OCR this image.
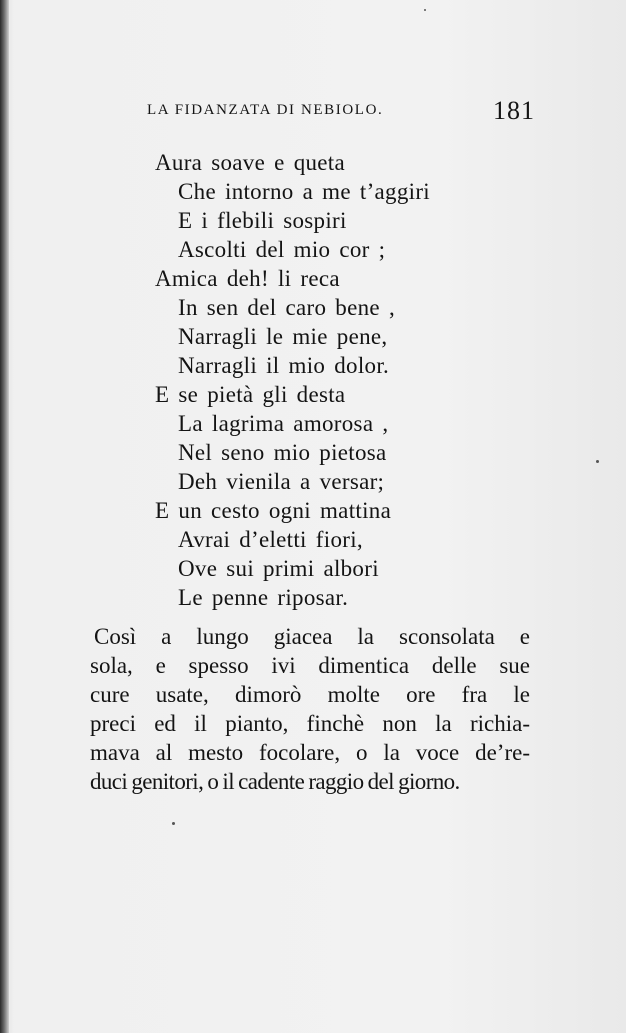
LA FIDANZATA DI NEBIOLO.	181
Aura soave e queta
Che intorno a me t’aggiri
E i flebili sospiri
Ascolti del mio cor ;
Amica deh! li reca
In sen del caro bene ,
Narragli le mie pene,
Narragli il mio dolor.
E se pietà gli desta
La lagrima amorosa ,
Nel seno mio pietosa
Deh vienila a versar;
E un cesto ogni mattina
Avrai d’eletti fiori,
Ove sui primi albori
Le penne riposar.
Così a lungo giacea la sconsolata e
sola, e spesso ivi dimentica delle sue
cure usate, dimorò molte ore fra le
preci ed il pianto, finchè non la richia-
mava al mesto focolare, o la voce de’re-
duci genitori, o il cadente raggio del giorno.
